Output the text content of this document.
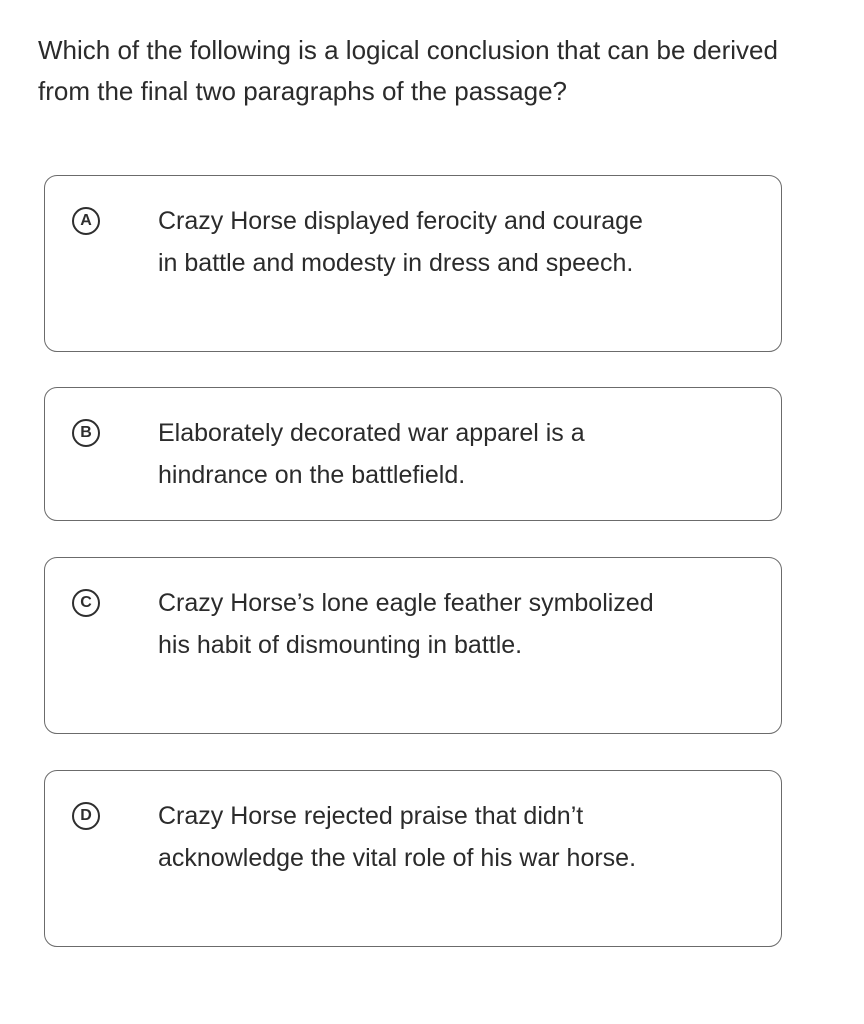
Which of the following is a logical conclusion that can be derived from the final two paragraphs of the passage?
A	Crazy Horse displayed ferocity and courage in battle and modesty in dress and speech.
B	Elaborately decorated war apparel is a hindrance on the battlefield.
C	Crazy Horse’s lone eagle feather symbolized his habit of dismounting in battle.
D	Crazy Horse rejected praise that didn’t acknowledge the vital role of his war horse.
